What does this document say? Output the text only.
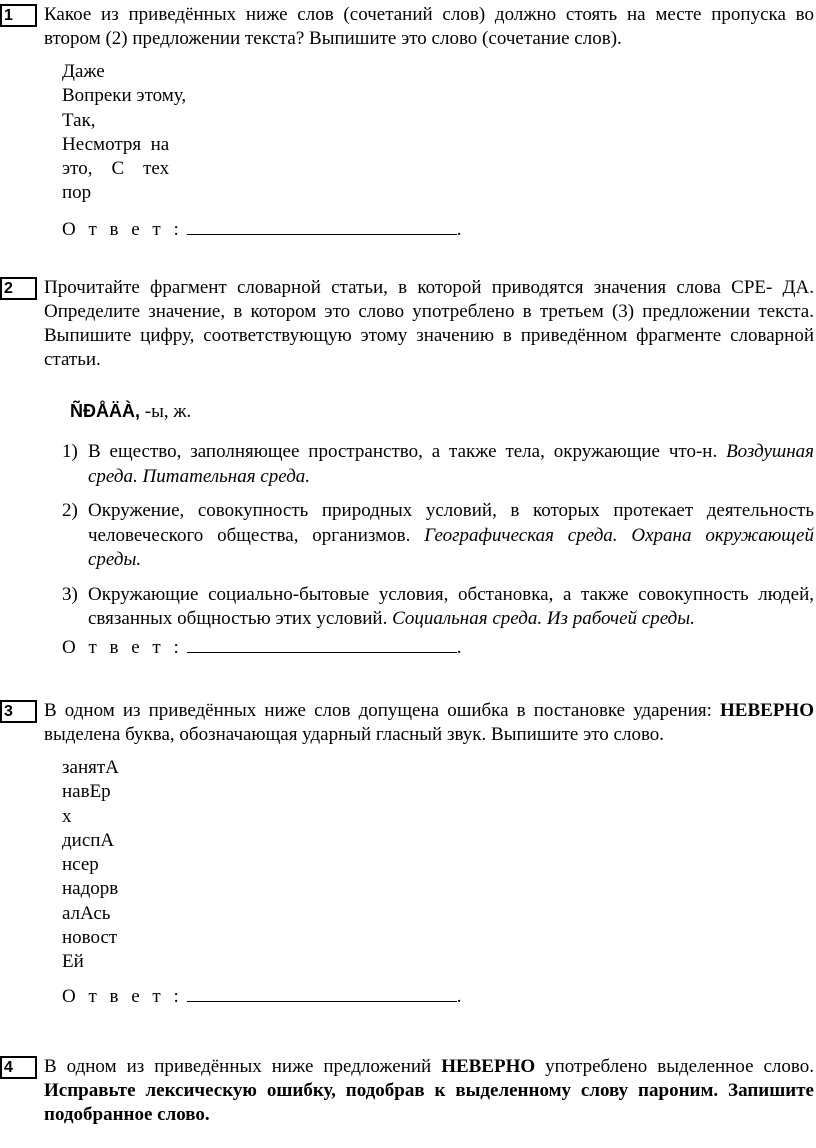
1	Какое из приведённых ниже слов (сочетаний слов) должно стоять на месте пропуска во втором (2) предложении текста? Выпишите это слово (сочетание слов).
Даже
Вопреки этому,
Так,
Несмотря  на
это,    С    тех
пор
О т в е т :	.
2	Прочитайте фрагмент словарной статьи, в которой приводятся значения слова СРЕ- ДА. Определите значение, в котором это слово употреблено в третьем (3) предложении текста. Выпишите цифру, соответствующую этому значению в приведённом фрагменте словарной статьи.
ÑÐÅÄÀ, -ы, ж.
1) В ещество, заполняющее пространство, а также тела, окружающие что-н. Воздушная среда. Питательная среда.
2) Окружение, совокупность природных условий, в которых протекает деятельность человеческого общества, организмов. Географическая среда. Охрана окружающей среды.
3) Окружающие социально-бытовые условия, обстановка, а также совокупность людей, связанных общностью этих условий. Социальная среда. Из рабочей среды.
О т в е т :	.
3	В одном из приведённых ниже слов допущена ошибка в постановке ударения: НЕВЕРНО выделена буква, обозначающая ударный гласный звук. Выпишите это слово.
занятА
навЕр
х
диспА
нсер
надорв
алАсь
новост
Ей
О т в е т :	.
4	В одном из приведённых ниже предложений НЕВЕРНО употреблено выделенное слово. Исправьте лексическую ошибку, подобрав к выделенному слову пароним. Запишите подобранное слово.
